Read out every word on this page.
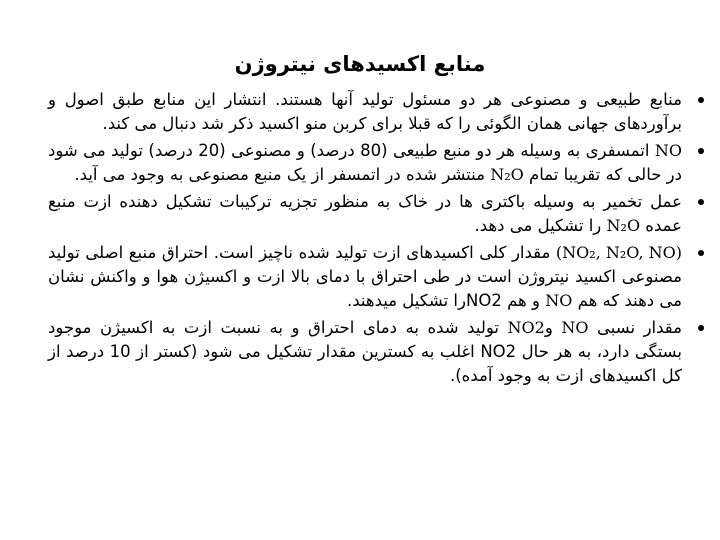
منابع اکسیدهای نیتروژن
منابع طبیعی و مصنوعی هر دو مسئول تولید آنها هستند. انتشار این منابع طبق اصول و برآوردهای جهانی همان الگوئی را که قبلا برای کربن منو اکسید ذکر شد دنبال می کند.
NO اتمسفری به وسیله هر دو منبع طبیعی (80 درصد) و مصنوعی (20 درصد) تولید می شود در حالی که تقریبا تمام N₂O منتشر شده در اتمسفر از یک منبع مصنوعی به وجود می آید.
عمل تخمیر به وسیله باکتری ها در خاک به منظور تجزیه ترکیبات تشکیل دهنده ازت منبع عمده N₂O را تشکیل می دهد.
(NO₂, N₂O, NO) مقدار کلی اکسیدهای ازت تولید شده ناچیز است. احتراق منبع اصلی تولید مصنوعی اکسید نیتروژن است در طی احتراق با دمای بالا ازت و اکسیژن هوا و واکنش نشان می دهند که هم NO و هم NO2را تشکیل میدهند.
مقدار نسبی NO وNO2 تولید شده به دمای احتراق و به نسبت ازت به اکسیژن موجود بستگی دارد، به هر حال NO2 اغلب به کسترین مقدار تشکیل می شود (کستر از 10 درصد از کل اکسیدهای ازت به وجود آمده).
